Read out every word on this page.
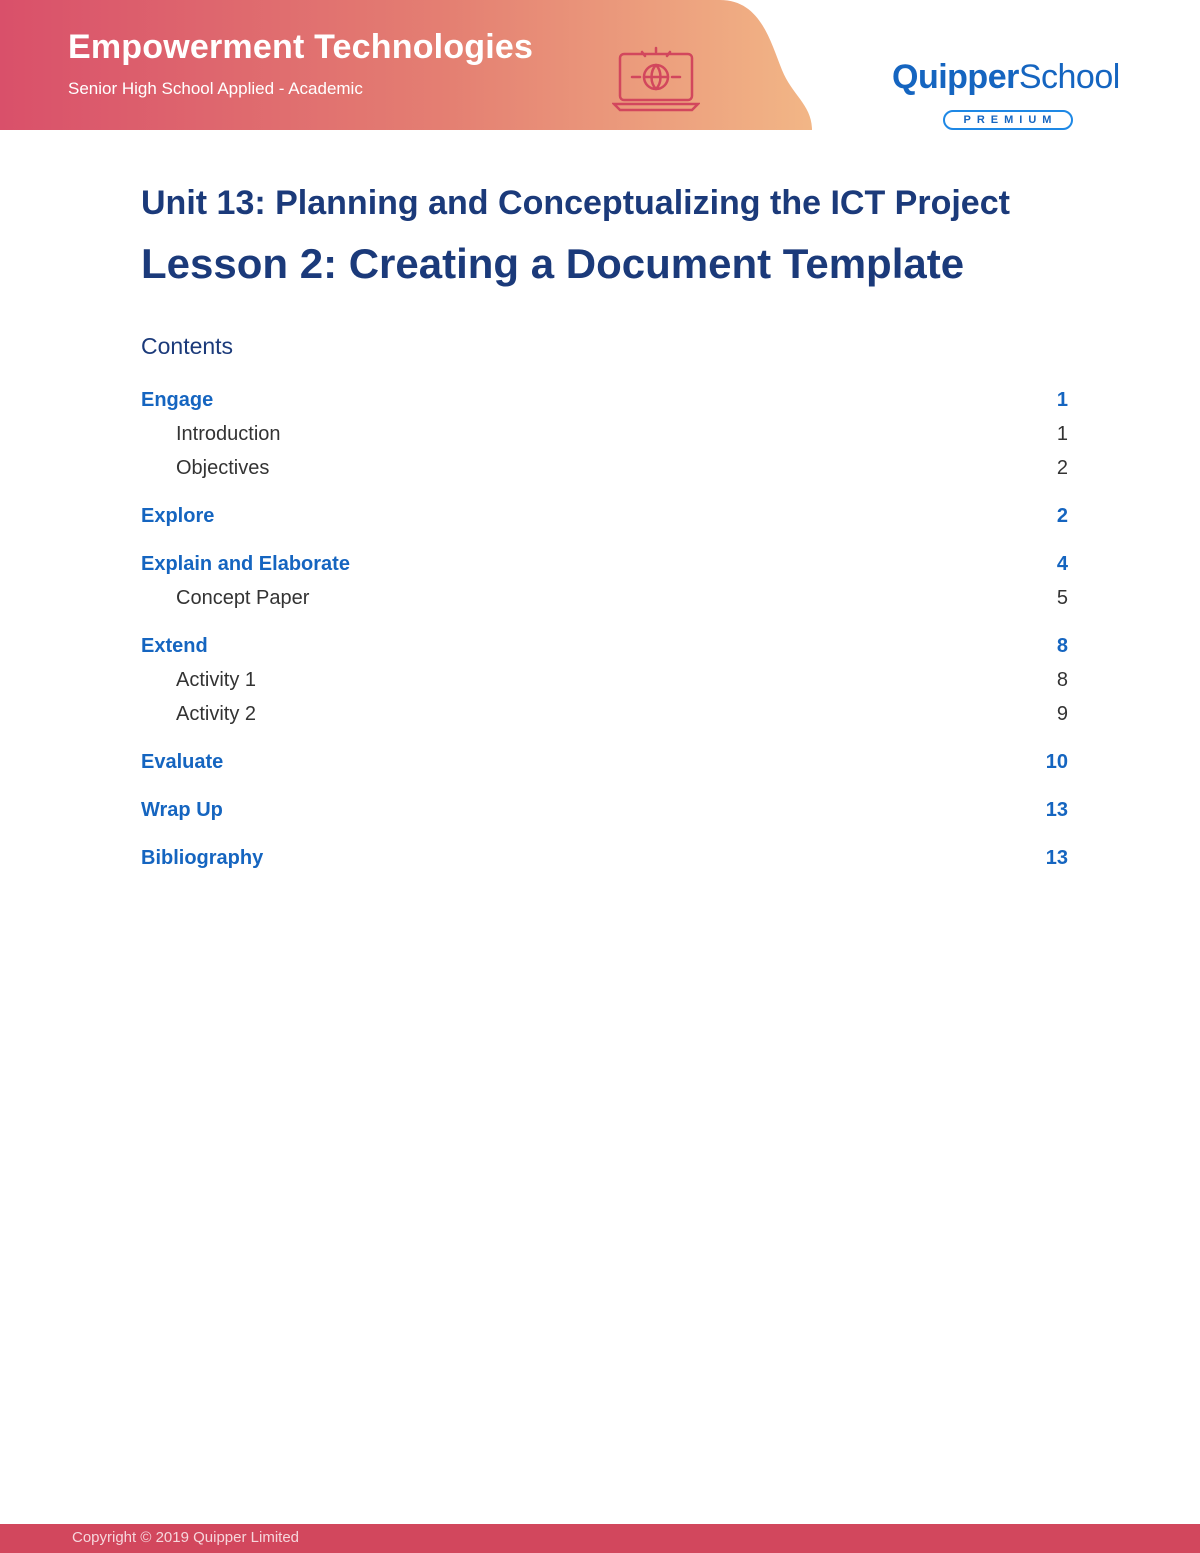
Empowerment Technologies
Senior High School Applied - Academic	QuipperSchool
PREMIUM
Unit 13: Planning and Conceptualizing the ICT Project
Lesson 2: Creating a Document Template
Contents
Engage	1
Introduction	1
Objectives	2
Explore	2
Explain and Elaborate	4
Concept Paper	5
Extend	8
Activity 1	8
Activity 2	9
Evaluate	10
Wrap Up	13
Bibliography	13
Copyright © 2019 Quipper Limited
